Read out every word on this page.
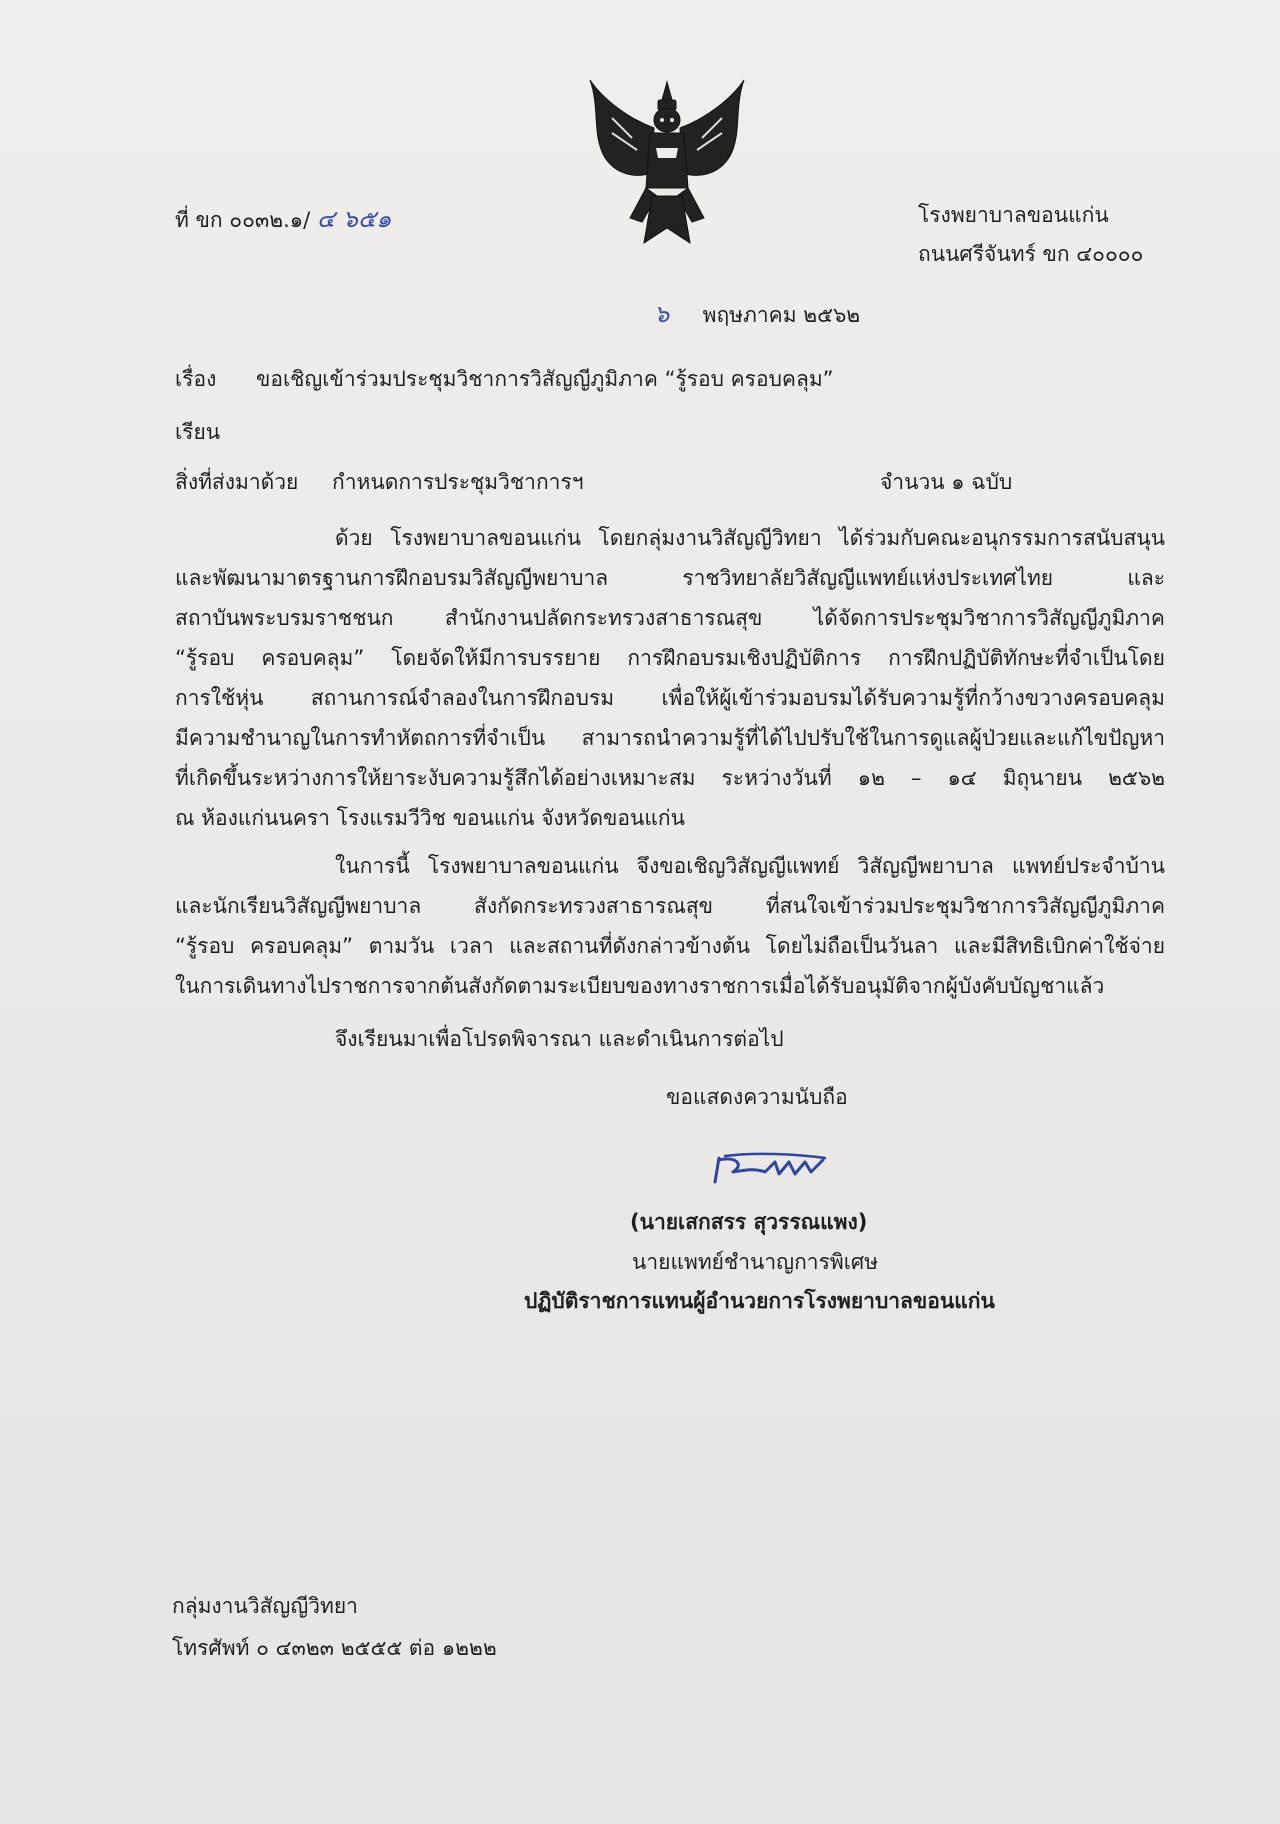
ที่ ขก ๐๐๓๒.๑/ ๔ ๖๕๑	โรงพยาบาลขอนแก่น
ถนนศรีจันทร์ ขก ๔๐๐๐๐
๖ พฤษภาคม ๒๕๖๒
เรื่อง ขอเชิญเข้าร่วมประชุมวิชาการวิสัญญีภูมิภาค “รู้รอบ ครอบคลุม”
เรียน
สิ่งที่ส่งมาด้วย กำหนดการประชุมวิชาการฯ	จำนวน ๑ ฉบับ
ด้วย โรงพยาบาลขอนแก่น โดยกลุ่มงานวิสัญญีวิทยา ได้ร่วมกับคณะอนุกรรมการสนับสนุน
และพัฒนามาตรฐานการฝึกอบรมวิสัญญีพยาบาล ราชวิทยาลัยวิสัญญีแพทย์แห่งประเทศไทย และ
สถาบันพระบรมราชชนก สำนักงานปลัดกระทรวงสาธารณสุข ได้จัดการประชุมวิชาการวิสัญญีภูมิภาค
“รู้รอบ ครอบคลุม” โดยจัดให้มีการบรรยาย การฝึกอบรมเชิงปฏิบัติการ การฝึกปฏิบัติทักษะที่จำเป็นโดย
การใช้หุ่น สถานการณ์จำลองในการฝึกอบรม เพื่อให้ผู้เข้าร่วมอบรมได้รับความรู้ที่กว้างขวางครอบคลุม
มีความชำนาญในการทำหัตถการที่จำเป็น สามารถนำความรู้ที่ได้ไปปรับใช้ในการดูแลผู้ป่วยและแก้ไขปัญหา
ที่เกิดขึ้นระหว่างการให้ยาระงับความรู้สึกได้อย่างเหมาะสม ระหว่างวันที่ ๑๒ – ๑๔ มิถุนายน ๒๕๖๒
ณ ห้องแก่นนครา โรงแรมวีวิช ขอนแก่น จังหวัดขอนแก่น
ในการนี้ โรงพยาบาลขอนแก่น จึงขอเชิญวิสัญญีแพทย์ วิสัญญีพยาบาล แพทย์ประจำบ้าน
และนักเรียนวิสัญญีพยาบาล สังกัดกระทรวงสาธารณสุข ที่สนใจเข้าร่วมประชุมวิชาการวิสัญญีภูมิภาค
“รู้รอบ ครอบคลุม” ตามวัน เวลา และสถานที่ดังกล่าวข้างต้น โดยไม่ถือเป็นวันลา และมีสิทธิเบิกค่าใช้จ่าย
ในการเดินทางไปราชการจากต้นสังกัดตามระเบียบของทางราชการเมื่อได้รับอนุมัติจากผู้บังคับบัญชาแล้ว
จึงเรียนมาเพื่อโปรดพิจารณา และดำเนินการต่อไป
ขอแสดงความนับถือ
(นายเสกสรร สุวรรณแพง)
นายแพทย์ชำนาญการพิเศษ
ปฏิบัติราชการแทนผู้อำนวยการโรงพยาบาลขอนแก่น
กลุ่มงานวิสัญญีวิทยา
โทรศัพท์ ๐ ๔๓๒๓ ๒๕๕๕ ต่อ ๑๒๒๒
